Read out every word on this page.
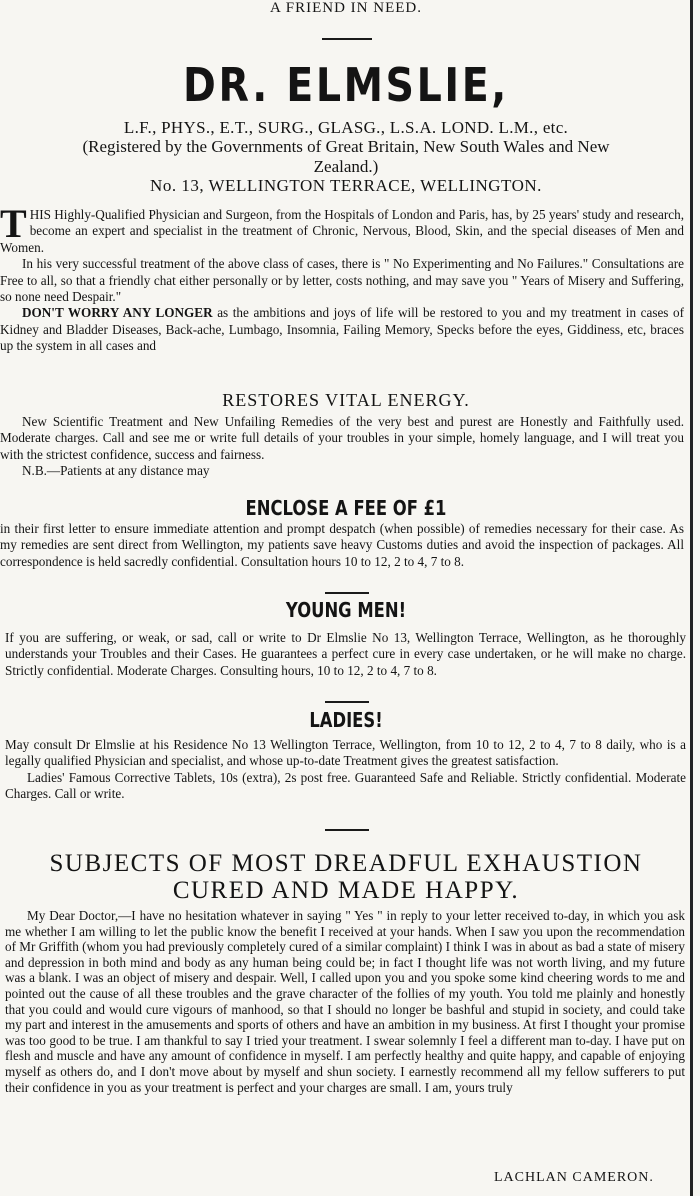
A FRIEND IN NEED.
DR. ELMSLIE,
L.F., PHYS., E.T., SURG., GLASG., L.S.A. LOND. L.M., etc.
(Registered by the Governments of Great Britain, New South Wales and New
Zealand.)
No. 13, WELLINGTON TERRACE, WELLINGTON.
THIS Highly-Qualified Physician and Surgeon, from the Hospitals of London and Paris, has, by 25 years' study and research, become an expert and specialist in the treatment of Chronic, Nervous, Blood, Skin, and the special diseases of Men and Women.
In his very successful treatment of the above class of cases, there is " No Experimenting and No Failures." Consultations are Free to all, so that a friendly chat either personally or by letter, costs nothing, and may save you " Years of Misery and Suffering, so none need Despair."
DON'T WORRY ANY LONGER as the ambitions and joys of life will be restored to you and my treatment in cases of Kidney and Bladder Diseases, Back-ache, Lumbago, Insomnia, Failing Memory, Specks before the eyes, Giddiness, etc, braces up the system in all cases and
RESTORES VITAL ENERGY.
New Scientific Treatment and New Unfailing Remedies of the very best and purest are Honestly and Faithfully used. Moderate charges. Call and see me or write full details of your troubles in your simple, homely language, and I will treat you with the strictest confidence, success and fairness.
N.B.—Patients at any distance may
ENCLOSE A FEE OF £1
in their first letter to ensure immediate attention and prompt despatch (when possible) of remedies necessary for their case. As my remedies are sent direct from Wellington, my patients save heavy Customs duties and avoid the inspection of packages. All correspondence is held sacredly confidential. Consultation hours 10 to 12, 2 to 4, 7 to 8.
YOUNG MEN!
If you are suffering, or weak, or sad, call or write to Dr Elmslie No 13, Wellington Terrace, Wellington, as he thoroughly understands your Troubles and their Cases. He guarantees a perfect cure in every case undertaken, or he will make no charge. Strictly confidential. Moderate Charges. Consulting hours, 10 to 12, 2 to 4, 7 to 8.
LADIES!
May consult Dr Elmslie at his Residence No 13 Wellington Terrace, Wellington, from 10 to 12, 2 to 4, 7 to 8 daily, who is a legally qualified Physician and specialist, and whose up-to-date Treatment gives the greatest satisfaction.
Ladies' Famous Corrective Tablets, 10s (extra), 2s post free. Guaranteed Safe and Reliable. Strictly confidential. Moderate Charges. Call or write.
SUBJECTS OF MOST DREADFUL EXHAUSTION
CURED AND MADE HAPPY.
My Dear Doctor,—I have no hesitation whatever in saying " Yes " in reply to your letter received to-day, in which you ask me whether I am willing to let the public know the benefit I received at your hands. When I saw you upon the recommendation of Mr Griffith (whom you had previously completely cured of a similar complaint) I think I was in about as bad a state of misery and depression in both mind and body as any human being could be; in fact I thought life was not worth living, and my future was a blank. I was an object of misery and despair. Well, I called upon you and you spoke some kind cheering words to me and pointed out the cause of all these troubles and the grave character of the follies of my youth. You told me plainly and honestly that you could and would cure vigours of manhood, so that I should no longer be bashful and stupid in society, and could take my part and interest in the amusements and sports of others and have an ambition in my business. At first I thought your promise was too good to be true. I am thankful to say I tried your treatment. I swear solemnly I feel a different man to-day. I have put on flesh and muscle and have any amount of confidence in myself. I am perfectly healthy and quite happy, and capable of enjoying myself as others do, and I don't move about by myself and shun society. I earnestly recommend all my fellow sufferers to put their confidence in you as your treatment is perfect and your charges are small. I am, yours truly
LACHLAN CAMERON.
